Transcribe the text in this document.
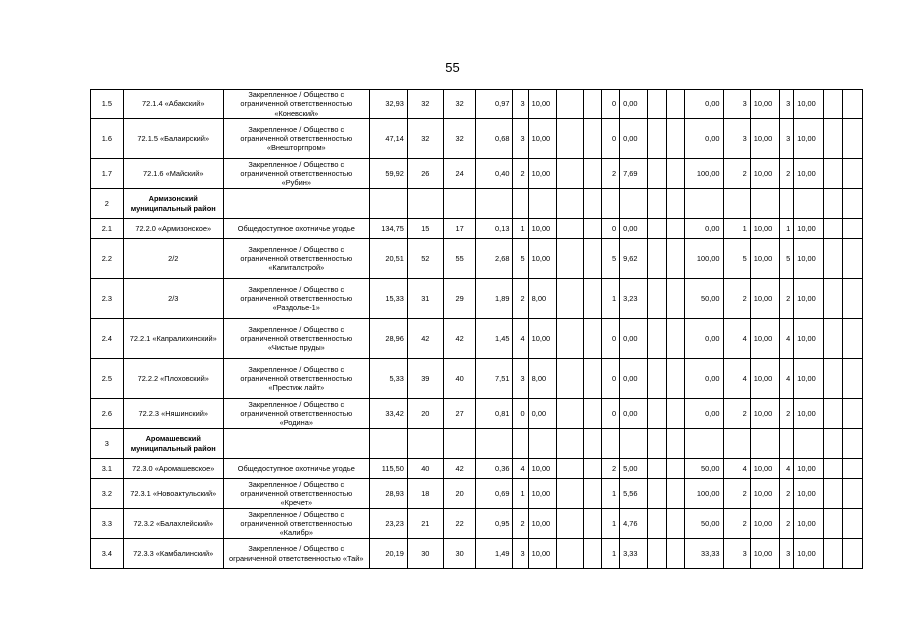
55
1.5	72.1.4 «Абакский»	Закрепленное / Общество с ограниченной ответственностью «Коневский»	32,93	32	32	0,97	3	10,00			0	0,00			0,00	3	10,00	3	10,00		
1.6	72.1.5 «Балаирский»	Закрепленное / Общество с ограниченной ответственностью «Внешторгпром»	47,14	32	32	0,68	3	10,00			0	0,00			0,00	3	10,00	3	10,00		
1.7	72.1.6 «Майский»	Закрепленное / Общество с ограниченной ответственностью «Рубин»	59,92	26	24	0,40	2	10,00			2	7,69			100,00	2	10,00	2	10,00		
2	Армизонский муниципальный район																				
2.1	72.2.0 «Армизонское»	Общедоступное охотничье угодье	134,75	15	17	0,13	1	10,00			0	0,00			0,00	1	10,00	1	10,00		
2.2	2/2	Закрепленное / Общество с ограниченной ответственностью «Капиталстрой»	20,51	52	55	2,68	5	10,00			5	9,62			100,00	5	10,00	5	10,00		
2.3	2/3	Закрепленное / Общество с ограниченной ответственностью «Раздолье-1»	15,33	31	29	1,89	2	8,00			1	3,23			50,00	2	10,00	2	10,00		
2.4	72.2.1 «Капралихинский»	Закрепленное / Общество с ограниченной ответственностью «Чистые пруды»	28,96	42	42	1,45	4	10,00			0	0,00			0,00	4	10,00	4	10,00		
2.5	72.2.2 «Плоховский»	Закрепленное / Общество с ограниченной ответственностью «Престиж лайт»	5,33	39	40	7,51	3	8,00			0	0,00			0,00	4	10,00	4	10,00		
2.6	72.2.3 «Няшинский»	Закрепленное / Общество с ограниченной ответственностью «Родина»	33,42	20	27	0,81	0	0,00			0	0,00			0,00	2	10,00	2	10,00		
3	Аромашевский муниципальный район																				
3.1	72.3.0 «Аромашевское»	Общедоступное охотничье угодье	115,50	40	42	0,36	4	10,00			2	5,00			50,00	4	10,00	4	10,00		
3.2	72.3.1 «Новоактульский»	Закрепленное / Общество с ограниченной ответственностью «Кречет»	28,93	18	20	0,69	1	10,00			1	5,56			100,00	2	10,00	2	10,00		
3.3	72.3.2 «Балахлейский»	Закрепленное / Общество с ограниченной ответственностью «Калибр»	23,23	21	22	0,95	2	10,00			1	4,76			50,00	2	10,00	2	10,00		
3.4	72.3.3 «Камбалинский»	Закрепленное / Общество с ограниченной ответственностью «Тай»	20,19	30	30	1,49	3	10,00			1	3,33			33,33	3	10,00	3	10,00		
